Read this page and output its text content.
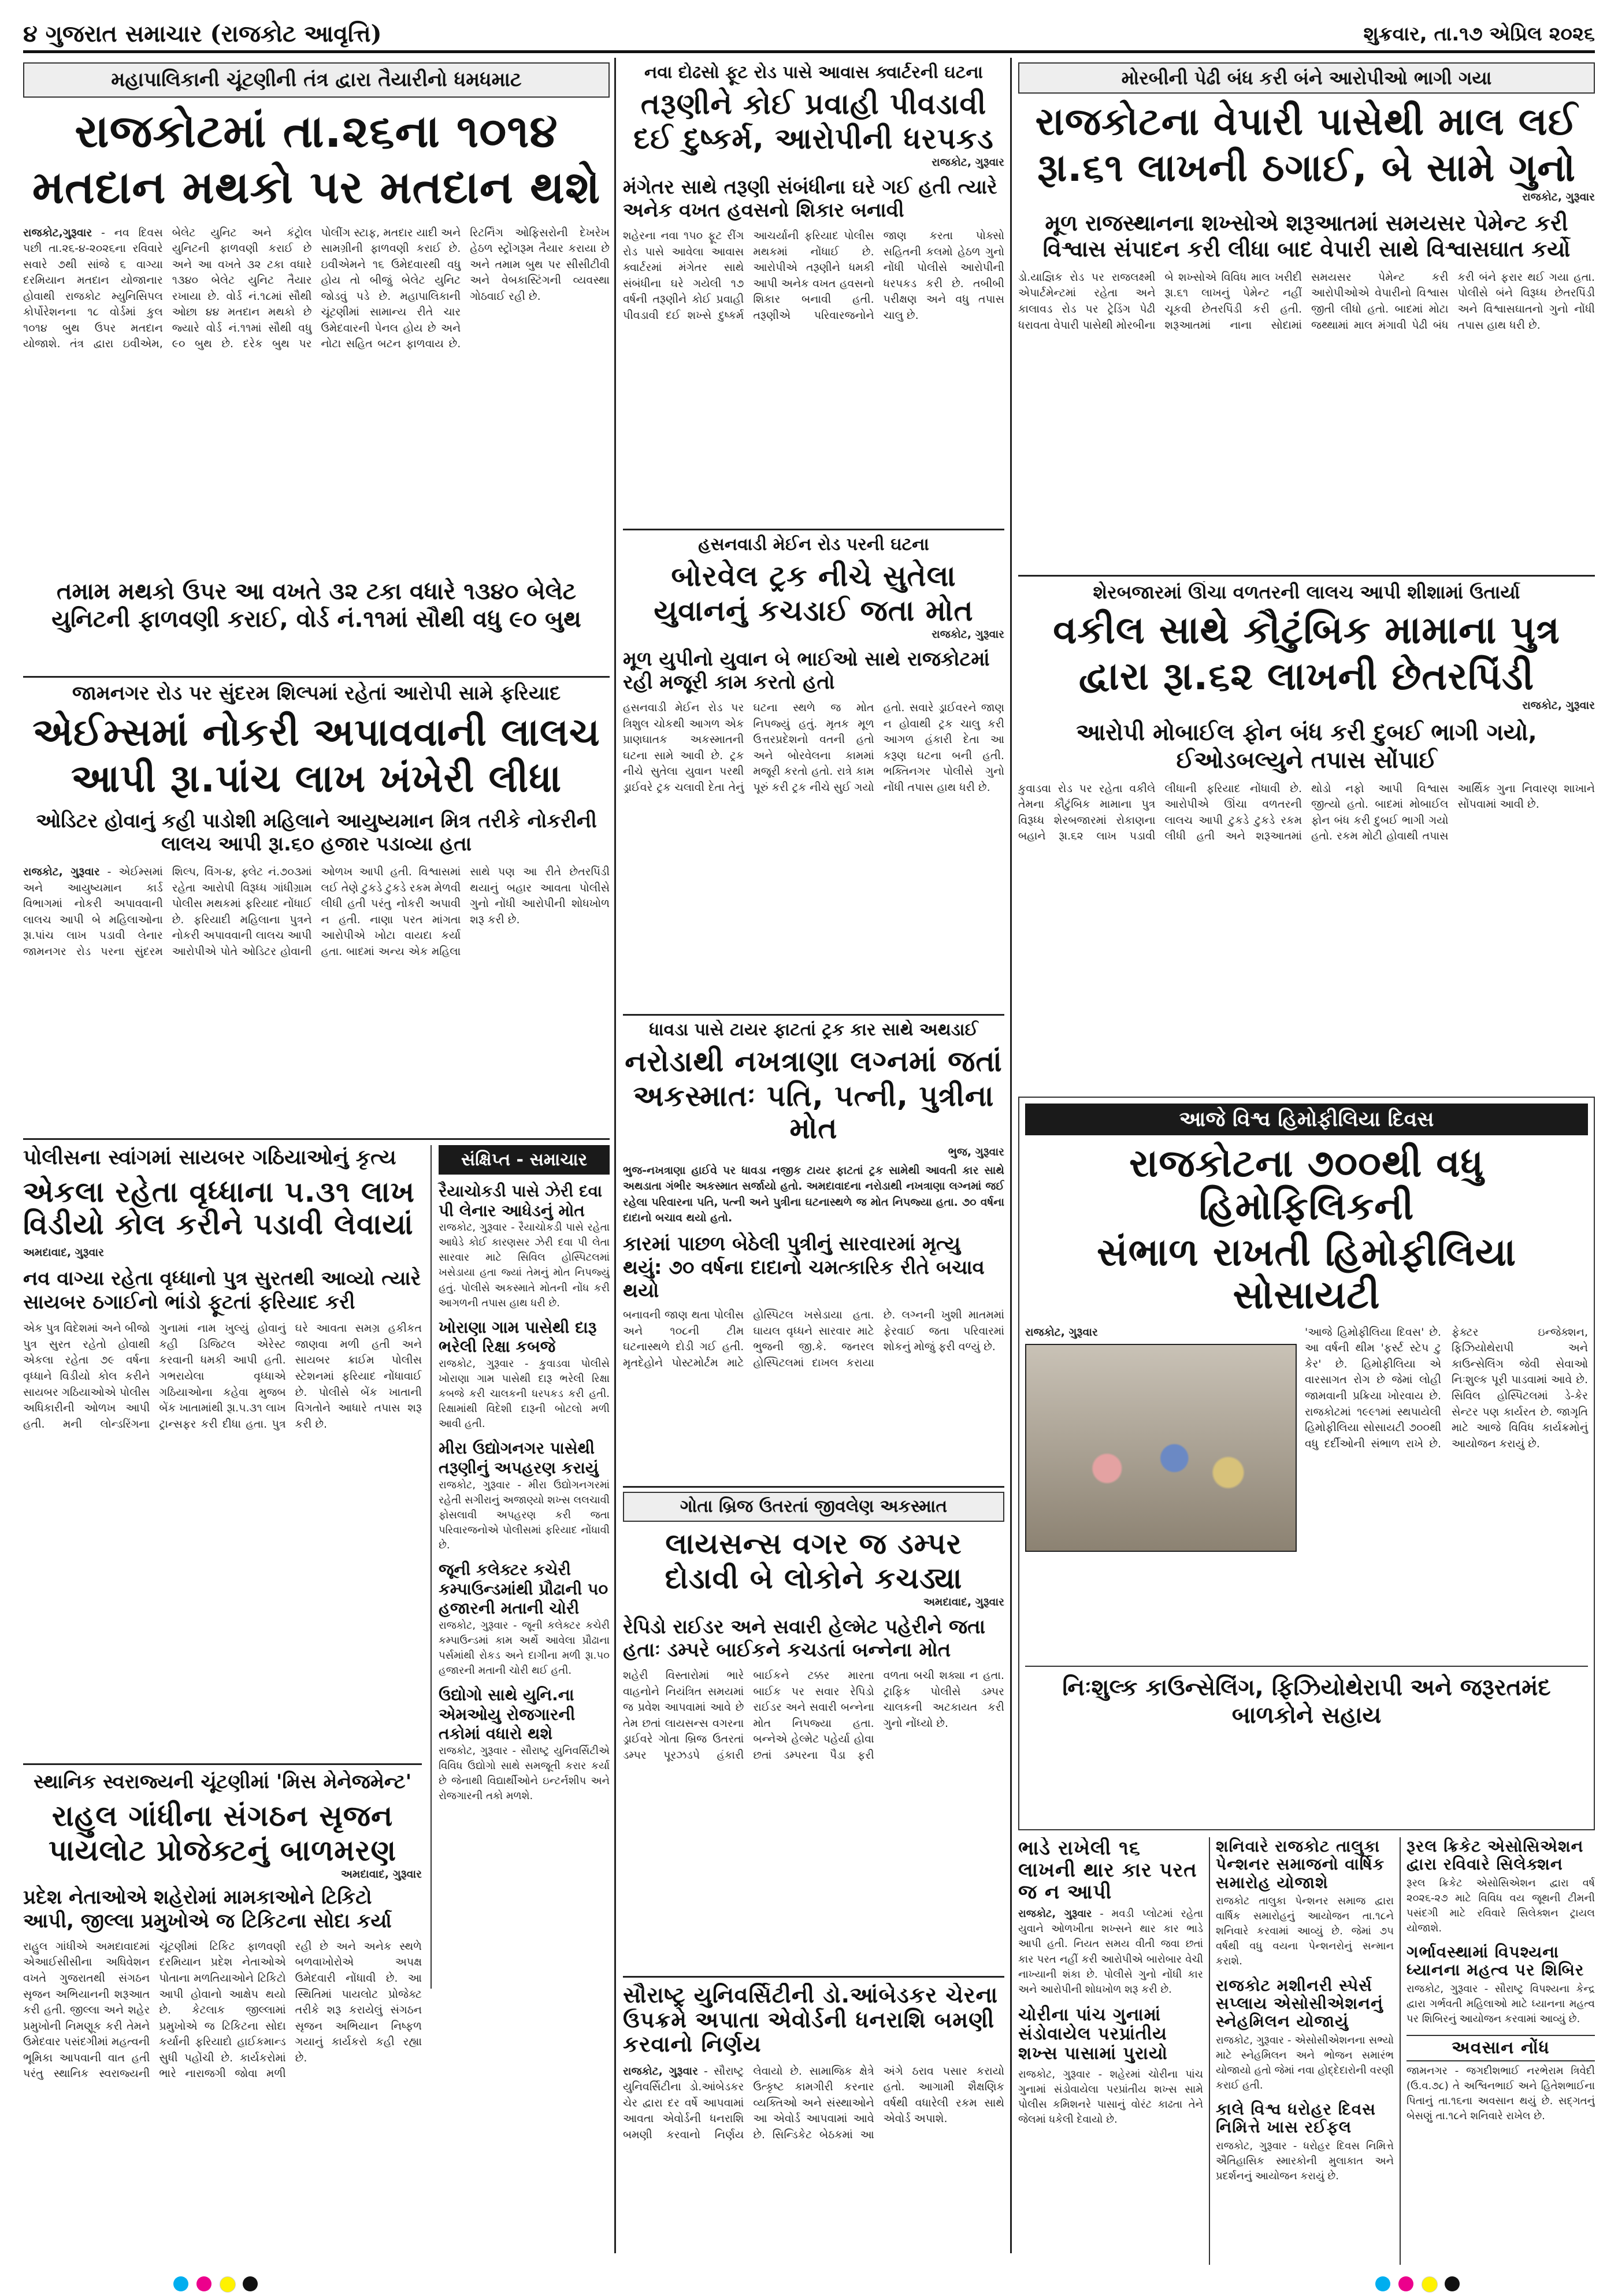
૪ ગુજરાત સમાચાર (રાજકોટ આવૃત્તિ)	શુક્રવાર, તા.૧૭ એપ્રિલ ૨૦૨૬
મહાપાલિકાની ચૂંટણીની તંત્ર દ્વારા તૈયારીનો ધમધમાટ
રાજકોટમાં તા.૨૬ના ૧૦૧૪
મતદાન મથકો પર મતદાન થશે
રાજકોટ,ગુરૂવાર - નવ દિવસ પછી તા.૨૬-૪-૨૦૨૬ના રવિવારે સવારે ૭થી સાંજે ૬ વાગ્યા દરમિયાન મતદાન યોજાનાર હોવાથી રાજકોટ મ્યુનિસિપલ કોર્પોરેશનના ૧૮ વોર્ડમાં કુલ ૧૦૧૪ બુથ ઉપર મતદાન યોજાશે. તંત્ર દ્વારા ઇવીએમ, બેલેટ યુનિટ અને કંટ્રોલ યુનિટની ફાળવણી કરાઈ છે અને આ વખતે ૩૨ ટકા વધારે ૧૩૪૦ બેલેટ યુનિટ તૈયાર રખાયા છે. વોર્ડ નં.૧૮માં સૌથી ઓછા ૪૪ મતદાન મથકો છે જ્યારે વોર્ડ નં.૧૧માં સૌથી વધુ ૯૦ બુથ છે. દરેક બુથ પર પોલીંગ સ્ટાફ, મતદાર યાદી અને સામગ્રીની ફાળવણી કરાઈ છે. ઇવીએમને ૧૬ ઉમેદવારથી વધુ હોય તો બીજું બેલેટ યુનિટ જોડવું પડે છે. મહાપાલિકાની ચૂંટણીમાં સામાન્ય રીતે ચાર ઉમેદવારની પેનલ હોય છે અને નોટા સહિત બટન ફાળવાય છે. રિટર્નિંગ ઓફિસરોની દેખરેખ હેઠળ સ્ટ્રોંગરૂમ તૈયાર કરાયા છે અને તમામ બુથ પર સીસીટીવી અને વેબકાસ્ટિંગની વ્યવસ્થા ગોઠવાઈ રહી છે.
તમામ મથકો ઉપર આ વખતે ૩૨ ટકા વધારે ૧૩૪૦ બેલેટ યુનિટની ફાળવણી કરાઈ, વોર્ડ નં.૧૧માં સૌથી વધુ ૯૦ બુથ
જામનગર રોડ પર સુંદરમ શિલ્પમાં રહેતાં આરોપી સામે ફરિયાદ
એઈમ્સમાં નોકરી અપાવવાની લાલચ
આપી રૂા.પાંચ લાખ ખંખેરી લીધા
ઓડિટર હોવાનું કહી પાડોશી મહિલાને આયુષ્યમાન મિત્ર તરીકે નોકરીની લાલચ આપી રૂા.૬૦ હજાર પડાવ્યા હતા
રાજકોટ, ગુરૂવાર - એઈમ્સમાં અને આયુષ્યમાન કાર્ડ વિભાગમાં નોકરી અપાવવાની લાલચ આપી બે મહિલાઓના રૂા.પાંચ લાખ પડાવી લેનાર જામનગર રોડ પરના સુંદરમ શિલ્પ, વિંગ-૪, ફ્લેટ નં.૭૦૩માં રહેતા આરોપી વિરૂધ્ધ ગાંધીગ્રામ પોલીસ મથકમાં ફરિયાદ નોંધાઈ છે. ફરિયાદી મહિલાના પુત્રને નોકરી અપાવવાની લાલચ આપી આરોપીએ પોતે ઓડિટર હોવાની ઓળખ આપી હતી. વિશ્વાસમાં લઈ તેણે ટુકડે ટુકડે રકમ મેળવી લીધી હતી પરંતુ નોકરી અપાવી ન હતી. નાણા પરત માંગતા આરોપીએ ખોટા વાયદા કર્યા હતા. બાદમાં અન્ય એક મહિલા સાથે પણ આ રીતે છેતરપિંડી થયાનું બહાર આવતા પોલીસે ગુનો નોંધી આરોપીની શોધખોળ શરૂ કરી છે.
પોલીસના સ્વાંગમાં સાયબર ગઠિયાઓનું કૃત્ય
એકલા રહેતા વૃધ્ધાના ૫.૩૧ લાખ વિડીયો કોલ કરીને પડાવી લેવાયાં
અમદાવાદ, ગુરૂવાર
નવ વાગ્યા રહેતા વૃધ્ધાનો પુત્ર સુરતથી આવ્યો ત્યારે સાયબર ઠગાઈનો ભાંડો ફૂટતાં ફરિયાદ કરી
એક પુત્ર વિદેશમાં અને બીજો પુત્ર સુરત રહેતો હોવાથી એકલા રહેતા ૭૯ વર્ષના વૃધ્ધાને વિડીયો કોલ કરીને સાયબર ગઠિયાઓએ પોલીસ અધિકારીની ઓળખ આપી હતી. મની લોન્ડરિંગના ગુનામાં નામ ખુલ્યું હોવાનું કહી ડિજિટલ એરેસ્ટ કરવાની ધમકી આપી હતી. ગભરાયેલા વૃધ્ધાએ ગઠિયાઓના કહેવા મુજબ બેંક ખાતામાંથી રૂા.૫.૩૧ લાખ ટ્રાન્સફર કરી દીધા હતા. પુત્ર ઘરે આવતા સમગ્ર હકીકત જાણવા મળી હતી અને સાયબર ક્રાઈમ પોલીસ સ્ટેશનમાં ફરિયાદ નોંધાવાઈ છે. પોલીસે બેંક ખાતાની વિગતોને આધારે તપાસ શરૂ કરી છે.
સંક્ષિપ્ત - સમાચાર
રૈયાચોકડી પાસે ઝેરી દવા પી લેનાર આધેડનું મોત
રાજકોટ, ગુરૂવાર - રૈયાચોકડી પાસે રહેતા આધેડે કોઈ કારણસર ઝેરી દવા પી લેતા સારવાર માટે સિવિલ હોસ્પિટલમાં ખસેડાયા હતા જ્યાં તેમનું મોત નિપજ્યું હતું. પોલીસે અકસ્માતે મોતની નોંધ કરી આગળની તપાસ હાથ ધરી છે.
ખોરાણા ગામ પાસેથી દારૂ ભરેલી રિક્ષા કબજે
રાજકોટ, ગુરૂવાર - કુવાડવા પોલીસે ખોરાણા ગામ પાસેથી દારૂ ભરેલી રિક્ષા કબજે કરી ચાલકની ધરપકડ કરી હતી. રિક્ષામાંથી વિદેશી દારૂની બોટલો મળી આવી હતી.
મીરા ઉદ્યોગનગર પાસેથી તરૂણીનું અપહરણ કરાયું
રાજકોટ, ગુરૂવાર - મીરા ઉદ્યોગનગરમાં રહેતી સગીરાનું અજાણ્યો શખ્સ લલચાવી ફોસલાવી અપહરણ કરી જતા પરિવારજનોએ પોલીસમાં ફરિયાદ નોંધાવી છે.
જૂની કલેક્ટર કચેરી કમ્પાઉન્ડમાંથી પ્રૌઢાની ૫૦ હજારની મતાની ચોરી
રાજકોટ, ગુરૂવાર - જૂની કલેક્ટર કચેરી કમ્પાઉન્ડમાં કામ અર્થે આવેલા પ્રૌઢાના પર્સમાંથી રોકડ અને દાગીના મળી રૂા.૫૦ હજારની મતાની ચોરી થઈ હતી.
ઉદ્યોગો સાથે યુનિ.ના એમઓયુ રોજગારની તકોમાં વધારો થશે
રાજકોટ, ગુરૂવાર - સૌરાષ્ટ્ર યુનિવર્સિટીએ વિવિધ ઉદ્યોગો સાથે સમજૂતી કરાર કર્યા છે જેનાથી વિદ્યાર્થીઓને ઇન્ટર્નશીપ અને રોજગારની તકો મળશે.
સ્થાનિક સ્વરાજ્યની ચૂંટણીમાં 'મિસ મેનેજમેન્ટ'
રાહુલ ગાંધીના સંગઠન સૃજન
પાયલોટ પ્રોજેક્ટનું બાળમરણ
અમદાવાદ, ગુરૂવાર
પ્રદેશ નેતાઓએ શહેરોમાં મામકાઓને ટિકિટો આપી, જીલ્લા પ્રમુખોએ જ ટિકિટના સોદા કર્યા
રાહુલ ગાંધીએ અમદાવાદમાં એઆઈસીસીના અધિવેશન વખતે ગુજરાતથી સંગઠન સૃજન અભિયાનની શરૂઆત કરી હતી. જીલ્લા અને શહેર પ્રમુખોની નિમણૂક કરી તેમને ઉમેદવાર પસંદગીમાં મહત્વની ભૂમિકા આપવાની વાત હતી પરંતુ સ્થાનિક સ્વરાજ્યની ચૂંટણીમાં ટિકિટ ફાળવણી દરમિયાન પ્રદેશ નેતાઓએ પોતાના મળતિયાઓને ટિકિટો આપી હોવાનો આક્ષેપ થયો છે. કેટલાક જીલ્લામાં પ્રમુખોએ જ ટિકિટના સોદા કર્યાની ફરિયાદો હાઈકમાન્ડ સુધી પહોંચી છે. કાર્યકરોમાં ભારે નારાજગી જોવા મળી રહી છે અને અનેક સ્થળે બળવાખોરોએ અપક્ષ ઉમેદવારી નોંધાવી છે. આ સ્થિતિમાં પાયલોટ પ્રોજેક્ટ તરીકે શરૂ કરાયેલું સંગઠન સૃજન અભિયાન નિષ્ફળ ગયાનું કાર્યકરો કહી રહ્યા છે.
નવા દોઢસો ફૂટ રોડ પાસે આવાસ ક્વાર્ટરની ઘટના
તરૂણીને કોઈ પ્રવાહી પીવડાવી
દઈ દુષ્કર્મ, આરોપીની ધરપકડ
રાજકોટ, ગુરૂવાર
મંગેતર સાથે તરૂણી સંબંધીના ઘરે ગઈ હતી ત્યારે અનેક વખત હવસનો શિકાર બનાવી
શહેરના નવા ૧૫૦ ફૂટ રીંગ રોડ પાસે આવેલા આવાસ ક્વાર્ટરમાં મંગેતર સાથે સંબંધીના ઘરે ગયેલી ૧૭ વર્ષની તરૂણીને કોઈ પ્રવાહી પીવડાવી દઈ શખ્સે દુષ્કર્મ આચર્યાની ફરિયાદ પોલીસ મથકમાં નોંધાઈ છે. આરોપીએ તરૂણીને ધમકી આપી અનેક વખત હવસનો શિકાર બનાવી હતી. તરૂણીએ પરિવારજનોને જાણ કરતા પોક્સો સહિતની કલમો હેઠળ ગુનો નોંધી પોલીસે આરોપીની ધરપકડ કરી છે. તબીબી પરીક્ષણ અને વધુ તપાસ ચાલુ છે.
હસનવાડી મેઈન રોડ પરની ઘટના
બોરવેલ ટ્રક નીચે સુતેલા
યુવાનનું કચડાઈ જતા મોત
રાજકોટ, ગુરૂવાર
મૂળ યુપીનો યુવાન બે ભાઈઓ સાથે રાજકોટમાં રહી મજૂરી કામ કરતો હતો
હસનવાડી મેઈન રોડ પર ત્રિશુલ ચોકથી આગળ એક પ્રાણઘાતક અકસ્માતની ઘટના સામે આવી છે. ટ્રક નીચે સુતેલા યુવાન પરથી ડ્રાઈવરે ટ્રક ચલાવી દેતા તેનું ઘટના સ્થળે જ મોત નિપજ્યું હતું. મૃતક મૂળ ઉત્તરપ્રદેશનો વતની હતો અને બોરવેલના કામમાં મજૂરી કરતો હતો. રાત્રે કામ પૂરું કરી ટ્રક નીચે સુઈ ગયો હતો. સવારે ડ્રાઈવરને જાણ ન હોવાથી ટ્રક ચાલુ કરી આગળ હંકારી દેતા આ કરૂણ ઘટના બની હતી. ભક્તિનગર પોલીસે ગુનો નોંધી તપાસ હાથ ધરી છે.
ધાવડા પાસે ટાયર ફાટતાં ટ્રક કાર સાથે અથડાઈ
નરોડાથી નખત્રાણા લગ્નમાં જતાં
અકસ્માતઃ પતિ, પત્ની, પુત્રીના મોત
ભુજ, ગુરૂવાર
ભુજ-નખત્રાણા હાઈવે પર ધાવડા નજીક ટાયર ફાટતાં ટ્રક સામેથી આવતી કાર સાથે અથડાતા ગંભીર અકસ્માત સર્જાયો હતો. અમદાવાદના નરોડાથી નખત્રાણા લગ્નમાં જઈ રહેલા પરિવારના પતિ, પત્ની અને પુત્રીના ઘટનાસ્થળે જ મોત નિપજ્યા હતા. ૭૦ વર્ષના દાદાનો બચાવ થયો હતો.
કારમાં પાછળ બેઠેલી પુત્રીનું સારવારમાં મૃત્યુ થયું: ૭૦ વર્ષના દાદાનો ચમત્કારિક રીતે બચાવ થયો
બનાવની જાણ થતા પોલીસ અને ૧૦૮ની ટીમ ઘટનાસ્થળે દોડી ગઈ હતી. મૃતદેહોને પોસ્ટમોર્ટમ માટે હોસ્પિટલ ખસેડાયા હતા. ઘાયલ વૃધ્ધને સારવાર માટે ભુજની જી.કે. જનરલ હોસ્પિટલમાં દાખલ કરાયા છે. લગ્નની ખુશી માતમમાં ફેરવાઈ જતા પરિવારમાં શોકનું મોજું ફરી વળ્યું છે.
ગોતા બ્રિજ ઉતરતાં જીવલેણ અકસ્માત
લાયસન્સ વગર જ ડમ્પર
દોડાવી બે લોકોને કચડ્યા
અમદાવાદ, ગુરૂવાર
રેપિડો રાઈડર અને સવારી હેલ્મેટ પહેરીને જતા હતાઃ ડમ્પરે બાઈકને કચડતાં બન્નેના મોત
શહેરી વિસ્તારોમાં ભારે વાહનોને નિયંત્રિત સમયમાં જ પ્રવેશ આપવામાં આવે છે તેમ છતાં લાયસન્સ વગરના ડ્રાઈવરે ગોતા બ્રિજ ઉતરતાં ડમ્પર પૂરઝડપે હંકારી બાઈકને ટક્કર મારતા બાઈક પર સવાર રેપિડો રાઈડર અને સવારી બન્નેના મોત નિપજ્યા હતા. બન્નેએ હેલ્મેટ પહેર્યા હોવા છતાં ડમ્પરના પૈડા ફરી વળતા બચી શક્યા ન હતા. ટ્રાફિક પોલીસે ડમ્પર ચાલકની અટકાયત કરી ગુનો નોંધ્યો છે.
સૌરાષ્ટ્ર યુનિવર્સિટીની ડો.આંબેડકર ચેરના ઉપક્રમે અપાતા એવોર્ડની ધનરાશિ બમણી કરવાનો નિર્ણય
રાજકોટ, ગુરૂવાર - સૌરાષ્ટ્ર યુનિવર્સિટીના ડો.આંબેડકર ચેર દ્વારા દર વર્ષે આપવામાં આવતા એવોર્ડની ધનરાશિ બમણી કરવાનો નિર્ણય લેવાયો છે. સામાજિક ક્ષેત્રે ઉત્કૃષ્ટ કામગીરી કરનાર વ્યક્તિઓ અને સંસ્થાઓને આ એવોર્ડ આપવામાં આવે છે. સિન્ડિકેટ બેઠકમાં આ અંગે ઠરાવ પસાર કરાયો હતો. આગામી શૈક્ષણિક વર્ષથી વધારેલી રકમ સાથે એવોર્ડ અપાશે.
મોરબીની પેઢી બંધ કરી બંને આરોપીઓ ભાગી ગયા
રાજકોટના વેપારી પાસેથી માલ લઈ
રૂા.૬૧ લાખની ઠગાઈ, બે સામે ગુનો
રાજકોટ, ગુરૂવાર
મૂળ રાજસ્થાનના શખ્સોએ શરૂઆતમાં સમયસર પેમેન્ટ કરી વિશ્વાસ સંપાદન કરી લીધા બાદ વેપારી સાથે વિશ્વાસઘાત કર્યો
ડો.યાજ્ઞિક રોડ પર રાજલક્ષ્મી એપાર્ટમેન્ટમાં રહેતા અને કાલાવડ રોડ પર ટ્રેડિંગ પેઢી ધરાવતા વેપારી પાસેથી મોરબીના બે શખ્સોએ વિવિધ માલ ખરીદી રૂા.૬૧ લાખનું પેમેન્ટ નહીં ચૂકવી છેતરપિંડી કરી હતી. શરૂઆતમાં નાના સોદામાં સમયસર પેમેન્ટ કરી આરોપીઓએ વેપારીનો વિશ્વાસ જીતી લીધો હતો. બાદમાં મોટા જથ્થામાં માલ મંગાવી પેઢી બંધ કરી બંને ફરાર થઈ ગયા હતા. પોલીસે બંને વિરૂધ્ધ છેતરપિંડી અને વિશ્વાસઘાતનો ગુનો નોંધી તપાસ હાથ ધરી છે.
શેરબજારમાં ઊંચા વળતરની લાલચ આપી શીશામાં ઉતાર્યા
વકીલ સાથે કૌટુંબિક મામાના પુત્ર
દ્વારા રૂા.૬૨ લાખની છેતરપિંડી
રાજકોટ, ગુરૂવાર
આરોપી મોબાઈલ ફોન બંધ કરી દુબઈ ભાગી ગયો, ઈઓડબલ્યુને તપાસ સોંપાઈ
કુવાડવા રોડ પર રહેતા વકીલે તેમના કૌટુંબિક મામાના પુત્ર વિરૂધ્ધ શેરબજારમાં રોકાણના બહાને રૂા.૬૨ લાખ પડાવી લીધાની ફરિયાદ નોંધાવી છે. આરોપીએ ઊંચા વળતરની લાલચ આપી ટુકડે ટુકડે રકમ લીધી હતી અને શરૂઆતમાં થોડો નફો આપી વિશ્વાસ જીત્યો હતો. બાદમાં મોબાઈલ ફોન બંધ કરી દુબઈ ભાગી ગયો હતો. રકમ મોટી હોવાથી તપાસ આર્થિક ગુના નિવારણ શાખાને સોંપવામાં આવી છે.
આજે વિશ્વ હિમોફીલિયા દિવસ
રાજકોટના ૭૦૦થી વધુ હિમોફિલિકની
સંભાળ રાખતી હિમોફીલિયા સોસાયટી
રાજકોટ, ગુરૂવાર	'આજે હિમોફીલિયા દિવસ' છે. આ વર્ષની થીમ 'ફર્સ્ટ સ્ટેપ ટુ કેર' છે. હિમોફીલિયા એ વારસાગત રોગ છે જેમાં લોહી જામવાની પ્રક્રિયા ખોરવાય છે. રાજકોટમાં ૧૯૯૧માં સ્થપાયેલી હિમોફીલિયા સોસાયટી ૭૦૦થી વધુ દર્દીઓની સંભાળ રાખે છે. ફેક્ટર ઇન્જેક્શન, ફિઝિયોથેરાપી અને કાઉન્સેલિંગ જેવી સેવાઓ નિઃશુલ્ક પૂરી પાડવામાં આવે છે. સિવિલ હોસ્પિટલમાં ડે-કેર સેન્ટર પણ કાર્યરત છે. જાગૃતિ માટે આજે વિવિધ કાર્યક્રમોનું આયોજન કરાયું છે.
નિઃશુલ્ક કાઉન્સેલિંગ, ફિઝિયોથેરાપી અને જરૂરતમંદ બાળકોને સહાય
ભાડે રાખેલી ૧૬ લાખની થાર કાર પરત જ ન આપી
રાજકોટ, ગુરૂવાર - મવડી પ્લોટમાં રહેતા યુવાને ઓળખીતા શખ્સને થાર કાર ભાડે આપી હતી. નિયત સમય વીતી જવા છતાં કાર પરત નહીં કરી આરોપીએ બારોબાર વેચી નાખ્યાની શંકા છે. પોલીસે ગુનો નોંધી કાર અને આરોપીની શોધખોળ શરૂ કરી છે.
ચોરીના પાંચ ગુનામાં સંડોવાયેલ પરપ્રાંતીય શખ્સ પાસામાં પુરાયો
રાજકોટ, ગુરૂવાર - શહેરમાં ચોરીના પાંચ ગુનામાં સંડોવાયેલા પરપ્રાંતીય શખ્સ સામે પોલીસ કમિશનરે પાસાનું વોરંટ કાઢતા તેને જેલમાં ધકેલી દેવાયો છે.
શનિવારે રાજકોટ તાલુકા પેન્શનર સમાજનો વાર્ષિક સમારોહ યોજાશે
રાજકોટ તાલુકા પેન્શનર સમાજ દ્વારા વાર્ષિક સમારોહનું આયોજન તા.૧૮ને શનિવારે કરવામાં આવ્યું છે. જેમાં ૭૫ વર્ષથી વધુ વયના પેન્શનરોનું સન્માન કરાશે.
રાજકોટ મશીનરી સ્પેર્સ સપ્લાય એસોસીએશનનું સ્નેહમિલન યોજાયું
રાજકોટ, ગુરૂવાર - એસોસીએશનના સભ્યો માટે સ્નેહમિલન અને ભોજન સમારંભ યોજાયો હતો જેમાં નવા હોદ્દેદારોની વરણી કરાઈ હતી.
કાલે વિશ્વ ધરોહર દિવસ નિમિત્તે ખાસ રઈફલ
રાજકોટ, ગુરૂવાર - ધરોહર દિવસ નિમિત્તે ઐતિહાસિક સ્મારકોની મુલાકાત અને પ્રદર્શનનું આયોજન કરાયું છે.
રૂરલ ક્રિકેટ એસોસિએશન દ્વારા રવિવારે સિલેક્શન
રૂરલ ક્રિકેટ એસોસિએશન દ્વારા વર્ષ ૨૦૨૬-૨૭ માટે વિવિધ વય જૂથની ટીમની પસંદગી માટે રવિવારે સિલેક્શન ટ્રાયલ યોજાશે.
ગર્ભાવસ્થામાં વિપશ્યના ધ્યાનના મહત્વ પર શિબિર
રાજકોટ, ગુરૂવાર - સૌરાષ્ટ્ર વિપશ્યના કેન્દ્ર દ્વારા ગર્ભવતી મહિલાઓ માટે ધ્યાનના મહત્વ પર શિબિરનું આયોજન કરવામાં આવ્યું છે.
અવસાન નોંધ
જામનગર - જગદીશભાઈ નરભેરામ ત્રિવેદી (ઉ.વ.૭૮) તે અશ્વિનભાઈ અને હિતેશભાઈના પિતાનું તા.૧૬ના અવસાન થયું છે. સદ્ગતનું બેસણું તા.૧૮ને શનિવારે રાખેલ છે.
